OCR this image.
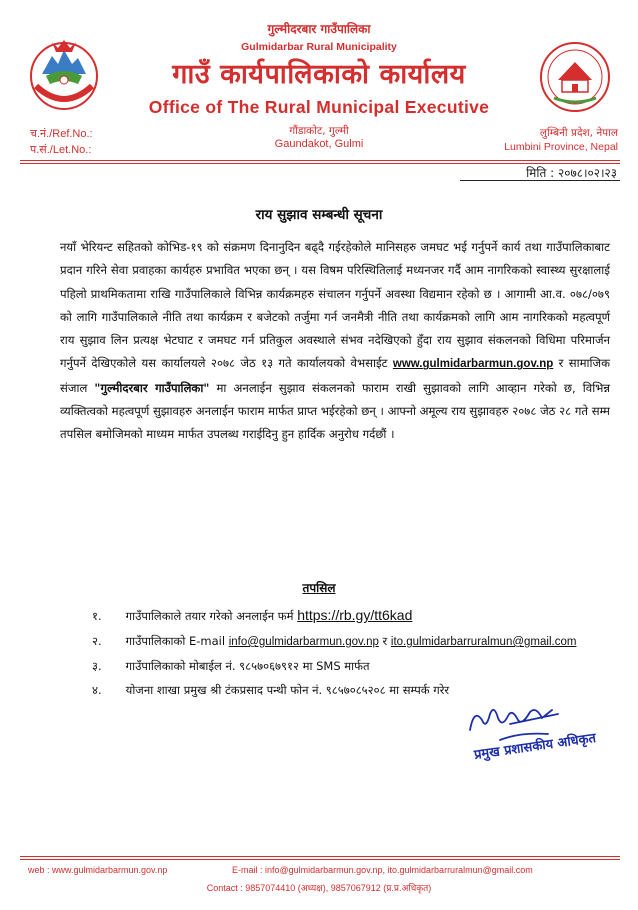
गुल्मीदरबार गाउँपालिका
Gulmidarbar Rural Municipality
गाउँ कार्यपालिकाको कार्यालय
Office of The Rural Municipal Executive
गौंडाकोट, गुल्मी
Gaundakot, Gulmi
च.नं./Ref.No.:
प.सं./Let.No.:
लुम्बिनी प्रदेश, नेपाल
Lumbini Province, Nepal
मिति : २०७८।०२।२३
राय सुझाव सम्बन्धी सूचना
नयाँ भेरियन्ट सहितको कोभिड-१९ को संक्रमण दिनानुदिन बढ्दै गईरहेकोले मानिसहरु जमघट भई गर्नुपर्ने कार्य तथा गाउँपालिकाबाट प्रदान गरिने सेवा प्रवाहका कार्यहरु प्रभावित भएका छन् । यस विषम परिस्थितिलाई मध्यनजर गर्दै आम नागरिकको स्वास्थ्य सुरक्षालाई पहिलो प्राथमिकतामा राखि गाउँपालिकाले विभिन्न कार्यक्रमहरु संचालन गर्नुपर्ने अवस्था विद्यमान रहेको छ । आगामी आ.व. ०७८/०७९ को लागि गाउँपालिकाले नीति तथा कार्यक्रम र बजेटको तर्जुमा गर्न जनमैत्री नीति तथा कार्यक्रमको लागि आम नागरिकको महत्वपूर्ण राय सुझाव लिन प्रत्यक्ष भेटघाट र जमघट गर्न प्रतिकुल अवस्थाले संभव नदेखिएको हुँदा राय सुझाव संकलनको विधिमा परिमार्जन गर्नुपर्ने देखिएकोले यस कार्यालयले २०७८ जेठ १३ गते कार्यालयको वेभसाईट www.gulmidarbarmun.gov.np र सामाजिक संजाल "गुल्मीदरबार गाउँपालिका" मा अनलाईन सुझाव संकलनको फाराम राखी सुझावको लागि आव्हान गरेको छ, विभिन्न व्यक्तित्वको महत्वपूर्ण सुझावहरु अनलाईन फाराम मार्फत प्राप्त भईरहेको छन् । आफ्नो अमूल्य राय सुझावहरु २०७८ जेठ २८ गते सम्म तपसिल बमोजिमको माध्यम मार्फत उपलब्ध गराईदिनु हुन हार्दिक अनुरोध गर्दछौं ।
तपसिल
१. गाउँपालिकाले तयार गरेको अनलाईन फर्म https://rb.gy/tt6kad
२. गाउँपालिकाको E-mail info@gulmidarbarmun.gov.np र ito.gulmidarbarruralmun@gmail.com
३. गाउँपालिकाको मोबाईल नं. ९८५७०६७९१२ मा SMS मार्फत
४. योजना शाखा प्रमुख श्री टंकप्रसाद पन्थी फोन नं. ९८५७०८५२०८ मा सम्पर्क गरेर
प्रमुख प्रशासकीय अधिकृत
web : www.gulmidarbarmun.gov.np	E-mail : info@gulmidarbarmun.gov.np, ito.gulmidarbarruralmun@gmail.com
Contact : 9857074410 (अध्यक्ष), 9857067912 (प्र.प्र.अधिकृत)
